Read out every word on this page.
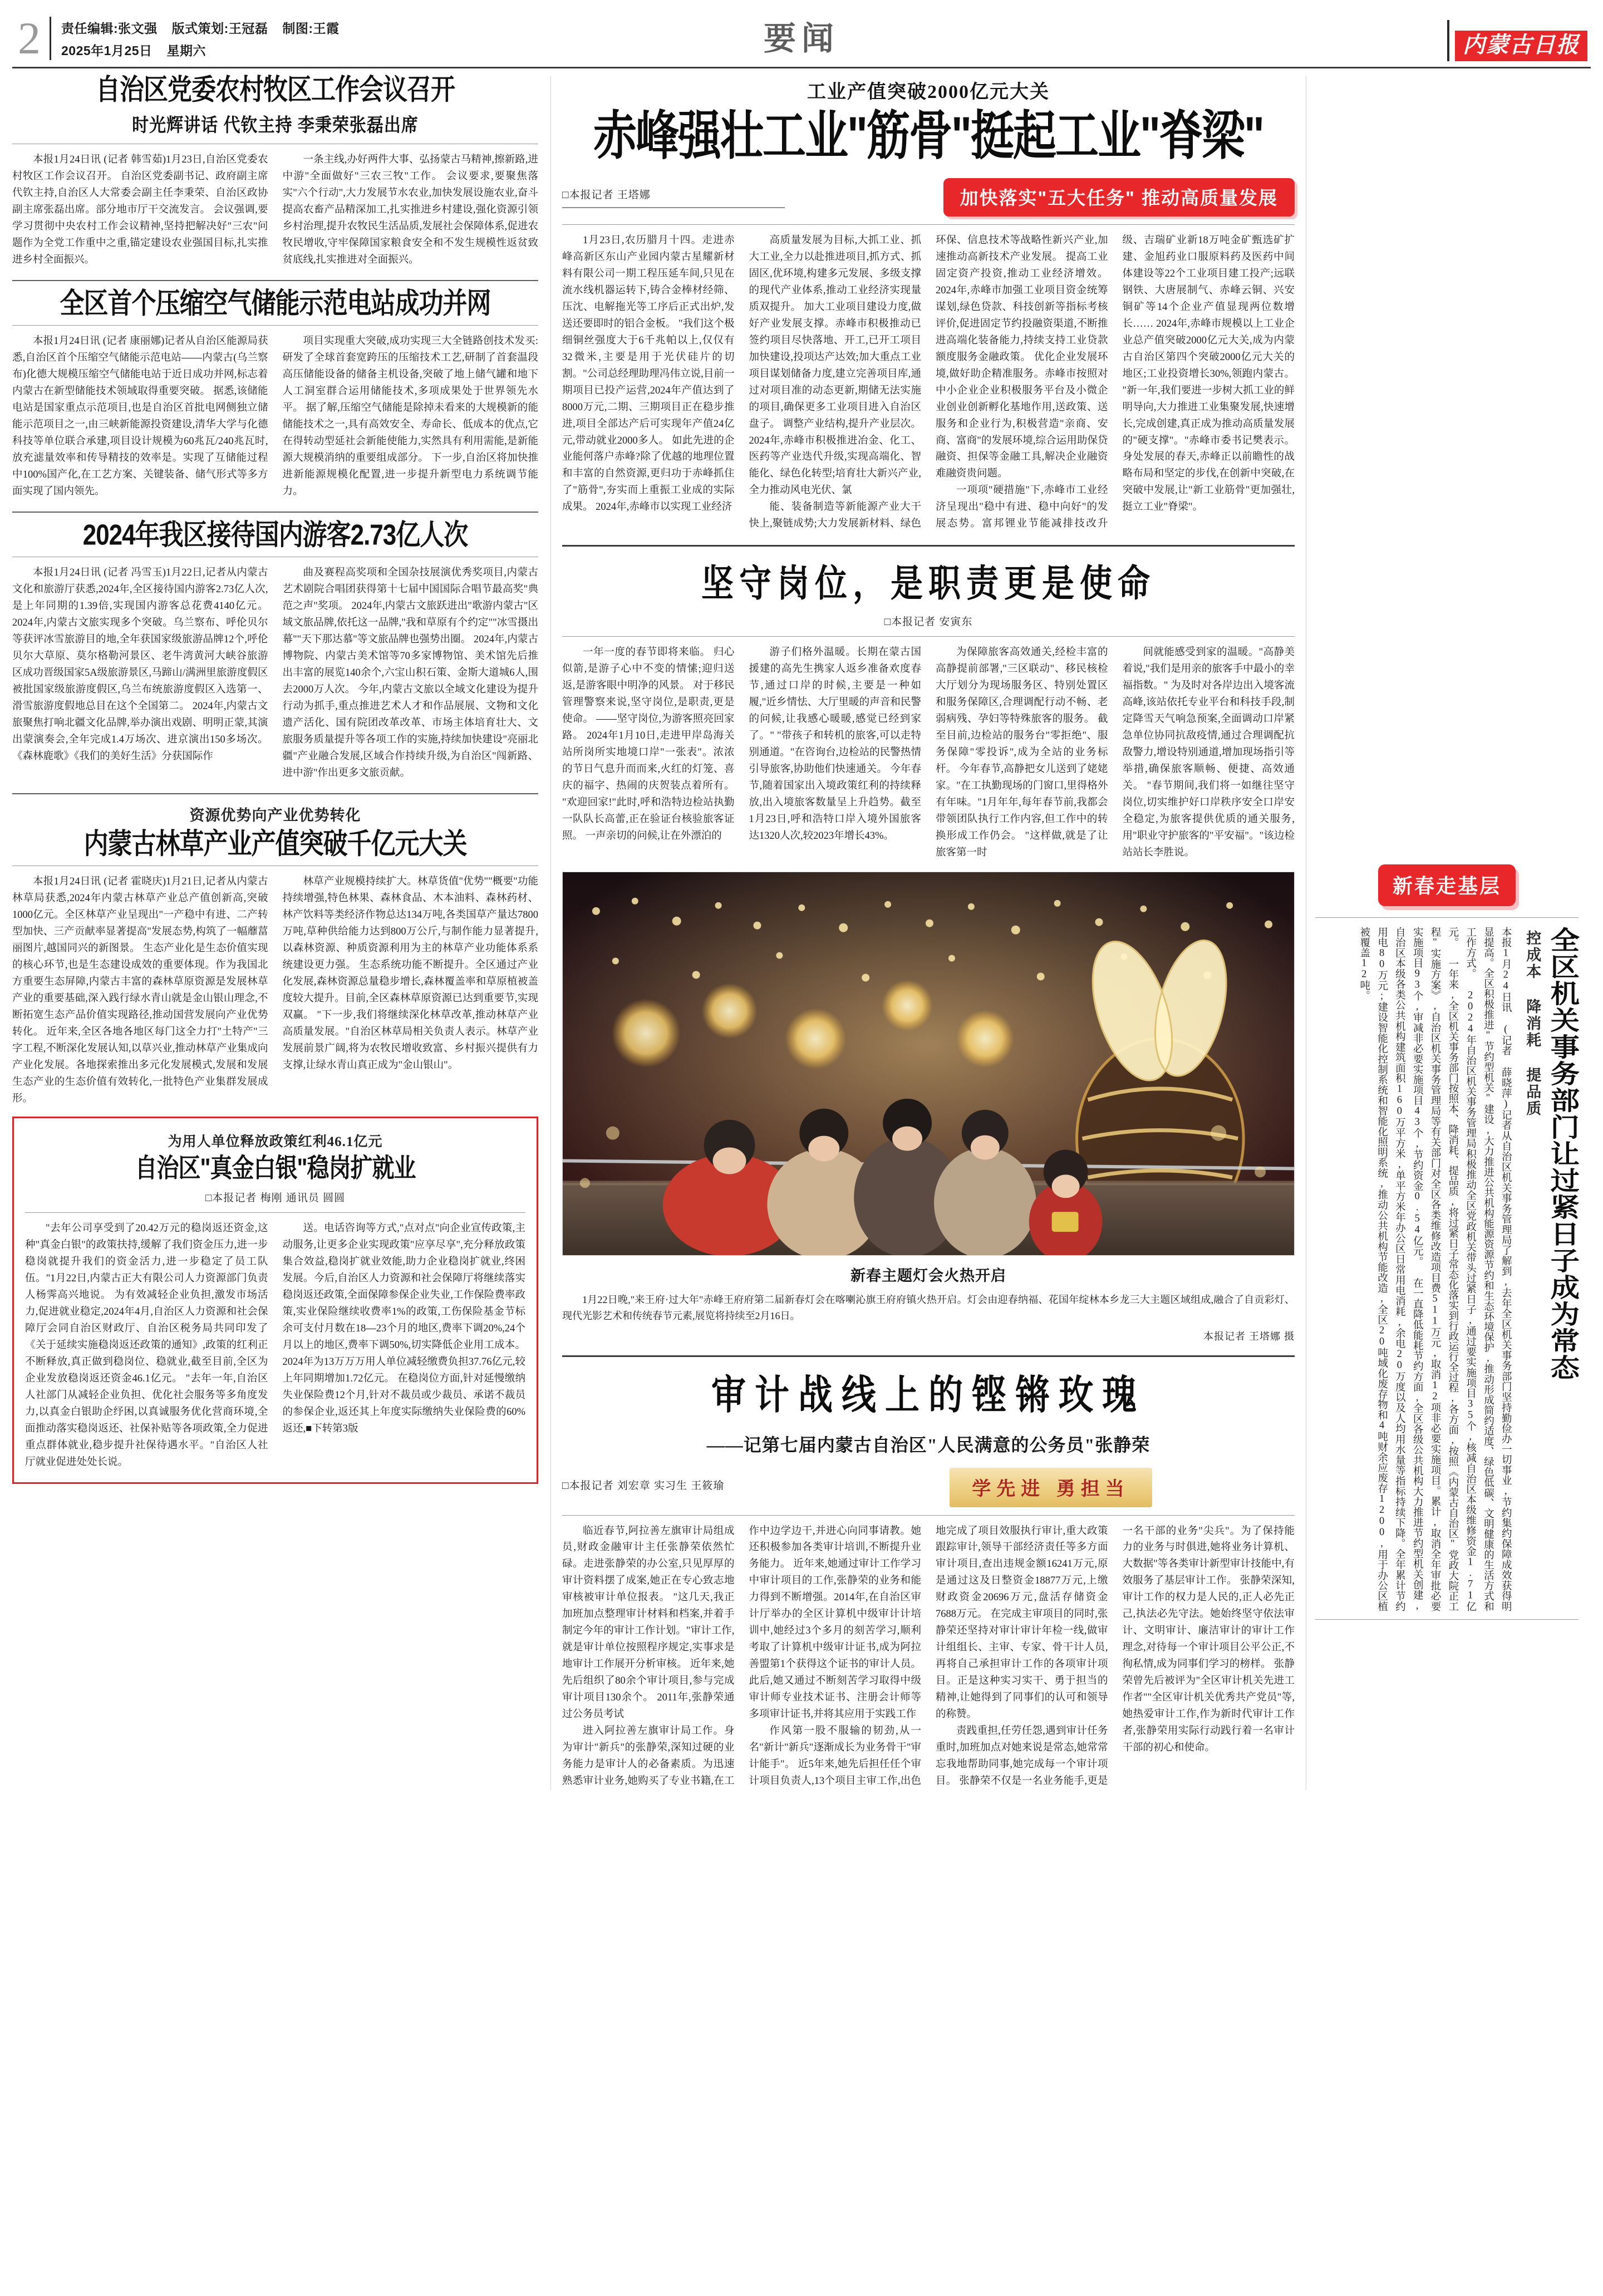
2 责任编辑:张文强 版式策划:王冠磊 制图:王霞
2025年1月25日 星期六	要闻	内蒙古日报
自治区党委农村牧区工作会议召开
时光辉讲话 代钦主持 李秉荣张磊出席

本报1月24日讯 (记者 韩雪茹)1月23日,自治区党委农村牧区工作会议召开。 自治区党委副书记、政府副主席代钦主持,自治区人大常委会副主任李秉荣、自治区政协副主席张磊出席。部分地市厅干交流发言。 会议强调,要学习贯彻中央农村工作会议精神,坚持把解决好"三农"问题作为全党工作重中之重,锚定建设农业强国目标,扎实推进乡村全面振兴。

一条主线,办好两件大事、弘扬蒙古马精神,擦新路,进中游"全面做好"三农三牧"工作。 会议要求,要聚焦落实"六个行动",大力发展节水农业,加快发展设施农业,奋斗提高农畜产品精深加工,扎实推进乡村建设,强化资源引领乡村治理,提升农牧民生活品质,发展社会保障体系,促进农牧民增收,守牢保障国家粮食安全和不发生规模性返贫致贫底线,扎实推进对全面振兴。

全区首个压缩空气储能示范电站成功并网

本报1月24日讯 (记者 康丽娜)记者从自治区能源局获悉,自治区首个压缩空气储能示范电站——内蒙古(乌兰察布)化德大规模压缩空气储能电站于近日成功并网,标志着内蒙古在新型储能技术领域取得重要突破。 据悉,该储能电站是国家重点示范项目,也是自治区首批电网侧独立储能示范项目之一,由三峡新能源投资建设,清华大学与化德科技等单位联合承建,项目设计规模为60兆瓦/240兆瓦时,放充滤量效率和传导精技的效率是。实现了互储能过程中100%国产化,在工艺方案、关键装备、储气形式等多方面实现了国内领先。

项目实现重大突破,成功实现三大全链路创技术发买:研发了全球首套宽跨压的压缩技术工艺,研制了首套温段高压储能设备的储备主机设备,突破了地上储气罐和地下人工洞室群合运用储能技术,多项成果处于世界领先水平。 据了解,压缩空气储能是除掉未看来的大规模新的能储能技术之一,具有高效安全、寿命长、低成本的优点,它在得转动型延社会新能使能力,实然具有利用需能,是新能源大规模消纳的重要组成部分。 下一步,自治区将加快推进新能源规模化配置,进一步提升新型电力系统调节能力。

2024年我区接待国内游客2.73亿人次

本报1月24日讯 (记者 冯雪玉)1月22日,记者从内蒙古文化和旅游厅获悉,2024年,全区接待国内游客2.73亿人次,是上年同期的1.39倍,实现国内游客总花费4140亿元。 2024年,内蒙古文旅实现多个突破。乌兰察布、呼伦贝尔等获评冰雪旅游目的地,全年获国家级旅游品牌12个,呼伦贝尔大草原、莫尔格勒河景区、老牛湾黄河大峡谷旅游区成功晋级国家5A级旅游景区,马蹄山/满洲里旅游度假区被批国家级旅游度假区,乌兰布统旅游度假区入选第一、滑雪旅游度假地总目在这个全国第二。 2024年,内蒙古文旅聚焦打响北疆文化品牌,举办演出戏剧、明明正蒙,其演出蒙演奏会,全年完成1.4万场次、进京演出150多场次。《森林鹿歌》《我们的美好生活》分获国际作

曲及赛程高奖项和全国杂技展演优秀奖项目,内蒙古艺术剧院合唱团获得第十七届中国国际合唱节最高奖"典范之声"奖项。 2024年,内蒙古文旅跃进出"歌游内蒙古"区域文旅品牌,依托这一品牌,"我和草原有个约定""冰雪摄出幕""天下那达慕"等文旅品牌也强势出圈。 2024年,内蒙古博物院、内蒙古美术馆等70多家博物馆、美术馆先后推出丰富的展览140余个,六宝山积石策、金斯大道城6人,围去2000万人次。 今年,内蒙古文旅以全域文化建设为提升行动为抓手,重点推进艺术人才和作品展展、文物和文化遗产活化、国有院团改革改革、市场主体培育壮大、文旅服务质量提升等各项工作的实施,持续加快建设"亮丽北疆"产业融合发展,区域合作持续升级,为自治区"闯新路、进中游"作出更多文旅贡献。

资源优势向产业优势转化
内蒙古林草产业产值突破千亿元大关

本报1月24日讯 (记者 霍晓庆)1月21日,记者从内蒙古林草局获悉,2024年内蒙古林草产业总产值创新高,突破1000亿元。全区林草产业呈现出"一产稳中有进、二产转型加快、三产贡献率显著提高"发展态势,构筑了一幅蘼葍丽图片,越国同兴的新图景。 生态产业化是生态价值实现的核心环节,也是生态建设成效的重要体现。作为我国北方重要生态屏障,内蒙古丰富的森林草原资源是发展林草产业的重要基础,深入践行绿水青山就是金山银山理念,不断拓宽生态产品价值实现路径,推动国营发展向产业优势转化。 近年来,全区各地各地区每门这全力打"土特产"三字工程,不断深化发展认知,以草兴业,推动林草产业集成向产业化发展。各地探索推出多元化发展模式,发展和发展生态产业的生态价值有效转化,一批特色产业集群发展成形。

林草产业规模持续扩大。林草货值"优势""概要"功能持续增强,特色林果、森林食品、木本油料、森林药材、林产饮料等类经济作物总达134万吨,各类国草产量达7800万吨,草种供给能力达到800万公斤,与制作能力显著提升,以森林资源、种质资源利用为主的林草产业功能体系系统建设更力强。 生态系统功能不断提升。全区通过产业化发展,森林资源总量稳步增长,森林覆盖率和草原植被盖度较大提升。目前,全区森林草原资源已达到重要节,实现双赢。 "下一步,我们将继续深化林草改革,推动林草产业高质量发展。"自治区林草局相关负责人表示。林草产业发展前景广阔,将为农牧民增收致富、乡村振兴提供有力支撑,让绿水青山真正成为"金山银山"。

为用人单位释放政策红利46.1亿元
自治区"真金白银"稳岗扩就业
□本报记者 梅刚 通讯员 圆圆

"去年公司享受到了20.42万元的稳岗返还资金,这种"真金白银"的政策扶持,缓解了我们资金压力,进一步稳岗就提升我们的资金活力,进一步稳定了员工队伍。"1月22日,内蒙古正大有限公司人力资源部门负责人杨霁高兴地说。 为有效减轻企业负担,激发市场活力,促进就业稳定,2024年4月,自治区人力资源和社会保障厅会同自治区财政厅、自治区税务局共同印发了《关于延续实施稳岗返还政策的通知》,政策的红利正不断释放,真正做到稳岗位、稳就业,截至目前,全区为企业发放稳岗返还资金46.1亿元。 "去年一年,自治区人社部门从减轻企业负担、优化社会服务等多角度发力,以真金白银助企纾困,以真诚服务优化营商环境,全面推动落实稳岗返还、社保补贴等各项政策,全力促进重点群体就业,稳步提升社保待遇水平。"自治区人社厅就业促进处处长说。

送。电话咨询等方式,"点对点"向企业宣传政策,主动服务,让更多企业实现政策"应享尽享",充分释放政策集合效益,稳岗扩就业效能,助力企业稳岗扩就业,终困发展。今后,自治区人力资源和社会保障厅将继续落实稳岗返还政策,全面保障参保企业失业,工作保险费率政策,实业保险继续收费率1%的政策,工伤保险基金节标余可支付月数在18—23个月的地区,费率下调20%,24个月以上的地区,费率下调50%,切实降低企业用工成本。2024年为13万万万用人单位减轻缴费负担37.76亿元,较上年同期增加1.72亿元。 在稳岗位方面,针对延慢缴纳失业保险费12个月,针对不裁员或少裁员、承诺不裁员的参保企业,返还其上年度实际缴纳失业保险费的60%返还,■下转第3版

工业产值突破2000亿元大关
赤峰强壮工业"筋骨"挺起工业"脊梁"
□本报记者 王塔娜	加快落实"五大任务" 推动高质量发展

1月23日,农历腊月十四。走进赤峰高新区东山产业园内蒙古星耀新材料有限公司一期工程压延车间,只见在流水线机器运转下,铸合金棒材经筛、压沈、电解拖光等工序后正式出炉,发送还要即时的铝合金板。 "我们这个极细铜丝强度大于6千兆帕以上,仅仅有32微米,主要是用于光伏硅片的切割。"公司总经理助理冯伟立说,目前一期项目已投产运营,2024年产值达到了8000万元,二期、三期项目正在稳步推进,项目全部达产后可实现年产值24亿元,带动就业2000多人。 如此先进的企业能何落户赤峰?除了优越的地理位置和丰富的自然资源,更归功于赤峰抓住了"筋骨",夯实而上重振工业成的实际成果。 2024年,赤峰市以实现工业经济

高质量发展为目标,大抓工业、抓大工业,全力以赴推进项目,抓方式、抓固区,优环境,构建多元发展、多级支撑的现代产业体系,推动工业经济实现量质双提升。 加大工业项目建设力度,做好产业发展支撑。赤峰市积极推动已签约项目尽快落地、开工,已开工项目加快建设,投项达产达效;加大重点工业项目谋划储备力度,建立完善项目库,通过对项目准的动态更新,期储无法实施的项目,确保更多工业项目进入自治区盘子。 调整产业结构,提升产业层次。2024年,赤峰市积极推进冶金、化工、医药等产业迭代升级,实现高端化、智能化、绿色化转型;培育壮大新兴产业,全力推动风电光伏、氯

能、装备制造等新能源产业大干快上,聚链成势;大力发展新材料、绿色环保、信息技术等战略性新兴产业,加速推动高新技术产业发展。 提高工业固定资产投资,推动工业经济增效。2024年,赤峰市加强工业项目资金统筹谋划,绿色贷款、科技创新等指标考核评价,促进固定节约投融资渠道,不断推进高端化装备能力,持续支持工业贷款额度服务金融政策。 优化企业发展环境,做好助企精准服务。赤峰市按照对中小企业企业积极服务平台及小微企业创业创新孵化基地作用,送政策、送服务和企业行为,积极营造"亲商、安商、富商"的发展环境,综合运用助保贷融资、担保等金融工具,解决企业融资难融资贵问题。

一项项"硬措施"下,赤峰市工业经济呈现出"稳中有进、稳中向好"的发展态势。富邦锂业节能减排技改升级、吉瑞矿业新18万吨金矿甄选矿扩建、金旭药业口服原料药及医药中间体建设等22个工业项目建工投产;远联钢铁、大唐展制气、赤峰云铜、兴安铜矿等14个企业产值显现两位数增长…… 2024年,赤峰市规模以上工业企业总产值突破2000亿元大关,成为内蒙古自治区第四个突破2000亿元大关的地区;工业投资增长30%,领跑内蒙古。 "新一年,我们要进一步树大抓工业的鲜明导向,大力推进工业集聚发展,快速增长,完成创建,真正成为推动高质量发展的"硬支撑"。"赤峰市委书记樊表示。 身处发展的春天,赤峰正以前瞻性的战略布局和坚定的步伐,在创新中突破,在突破中发展,让"新工业筋骨"更加强壮,挺立工业"脊梁"。

坚守岗位，是职责更是使命
□本报记者 安寅东

一年一度的春节即将来临。 归心似箭,是游子心中不变的情愫;迎归送返,是游客眼中明净的风景。 对于移民管理警察来说,坚守岗位,是职责,更是使命。 ——坚守岗位,为游客照亮回家路。 2024年1月10日,走进甲岸岛海关站所岗所实地境口岸"一张表"。浓浓的节日气息升而而来,火红的灯笼、喜庆的福字、热闹的庆贺装点着所有。 "欢迎回家!"此时,呼和浩特边检站执勤一队队长高蕾,正在验证台核验旅客证照。 一声亲切的问候,让在外漂泊的

游子们格外温暖。长期在蒙古国援建的高先生携家人返乡准备欢度春节,通过口岸的时候,主要是一种如履,"近乡情怯、大厅里暖的声音和民警的问候,让我感心暖暖,感觉已经到家了。" "带孩子和转机的旅客,可以走特别通道。"在咨询台,边检站的民警热情引导旅客,协助他们快速通关。 今年春节,随着国家出入境政策红利的持续释放,出入境旅客数量呈上升趋势。截至1月23日,呼和浩特口岸入境外国旅客达1320人次,较2023年增长43%。

为保障旅客高效通关,经检丰富的高静提前部署,"三区联动"、移民核检大厅划分为现场服务区、特别处置区和服务保障区,合理调配行动不畅、老弱病残、孕妇等特殊旅客的服务。 截至目前,边检站的服务台"零拒绝"、服务保障"零投诉",成为全站的业务标杆。 今年春节,高静把女儿送到了姥姥家。"在工执勤现场的门窗口,里得格外有年味。"1月年年,每年春节前,我都会带领团队执行工作内容,但工作中的转换形成工作仍会。 "这样做,就是了让旅客第一时

间就能感受到家的温暖。"高静美着说,"我们是用亲的旅客手中最小的幸福指数。" 为及时对各岸边出入境客流高峰,该站依托专业平台和科技手段,制定降雪天气响急预案,全面调动口岸紧急单位协同抗敌疫情,通过合理调配抗敌警力,增设特别通道,增加现场指引等举措,确保旅客顺畅、便捷、高效通关。 "春节期间,我们将一如继往坚守岗位,切实维护好口岸秩序安全口岸安全稳定,为旅客提供优质的通关服务,用"职业守护旅客的"平安福"。"该边检站站长李胜说。

新春主题灯会火热开启
1月22日晚,"来王府·过大年"赤峰王府府第二届新春灯会在喀喇沁旗王府府镇火热开启。灯会由迎春纳福、花国年绽林本乡龙三大主题区域组成,融合了自贡彩灯、现代光影艺术和传统春节元素,展览将持续至2月16日。
本报记者 王塔娜 摄
审计战线上的铿锵玫瑰
——记第七届内蒙古自治区"人民满意的公务员"张静荣
□本报记者 刘宏章 实习生 王筱瑜	学先进 勇担当

临近春节,阿拉善左旗审计局组成员,财政金融审计主任张静荣依然忙碌。走进张静荣的办公室,只见厚厚的审计资料摆了成案,她正在专心致志地审核被审计单位报表。 "这几天,我正加班加点整理审计材料和档案,并着手制定今年的审计工作计划。"审计工作,就是审计单位按照程序规定,实事求是地审计工作展开分析审核。 近年来,她先后组织了80余个审计项目,参与完成审计项目130余个。 2011年,张静荣通过公务员考试

进入阿拉善左旗审计局工作。身为审计"新兵"的张静荣,深知过硬的业务能力是审计人的必备素质。为迅速熟悉审计业务,她购买了专业书籍,在工作中边学边干,并进心向同事请教。她还积极参加各类审计培训,不断提升业务能力。 近年来,她通过审计工作学习中审计项目的工作,张静荣的业务和能力得到不断增强。2014年,在自治区审计厅举办的全区计算机中级审计计培训中,她经过3个多月的刻苦学习,顺利考取了计算机中级审计证书,成为阿拉善盟第1个获得这个证书的审计人员。 此后,她又通过不断刻苦学习取得中级审计师专业技术证书、注册会计师等多项审计证书,并将其应用于实践工作

作风第一股不服输的韧劲,从一名"新计"新兵"逐渐成长为业务骨干"审计能手"。 近5年来,她先后担任任个审计项目负责人,13个项目主审工作,出色地完成了项目效服执行审计,重大政策跟踪审计,领导干部经济责任等多方面审计项目,查出违规金额16241万元,原是通过这及日整资金18877万元,上缴财政资金20696万元,盘活存储资金7688万元。 在完成主审项目的同时,张静荣还坚持对审计审计年检一线,做审计组组长、主审、专家、骨干计人员,再将自己承担审计工作的各项审计项目。正是这种实习实干、勇于担当的精神,让她得到了同事们的认可和领导的称赞。

责践重担,任劳任怨,遇到审计任务重时,加班加点对她来说是常态,她常常忘我地帮助同事,她完成每一个审计项目。 张静荣不仅是一名业务能手,更是一名干部的业务"尖兵"。为了保持能力的业务与时俱进,她将业务计算机、大数据"等各类审计新型审计技能中,有效服务了基层审计工作。 张静荣深知,审计工作的权力是人民的,正人必先正己,执法必先守法。她始终坚守依法审计、文明审计、廉洁审计的审计工作理念,对待每一个审计项目公平公正,不徇私情,成为同事们学习的榜样。 张静荣曾先后被评为"全区审计机关先进工作者""全区审计机关优秀共产党员"等,她热爱审计工作,作为新时代审计工作者,张静荣用实际行动践行着一名审计干部的初心和使命。

新春走基层
全区机关事务部门让过紧日子成为常态
控成本 降消耗 提品质
本报1月24日讯 (记者 薛晓萍)记者从自治区机关事务管理局了解到,去年全区机关事务部门坚持勤俭办一切事业,节约集约保障成效获得明显提高。全区积极推进"节约型机关"建设,大力推进公共机构能源资源节约和生态环境保护,推动形成简约适度、绿色低碳、文明健康的生活方式和工作方式。 2024年自治区机关事务管理局积极推动全区党政机关带头过紧日子,通过要实施项目35个,核减自治区本级维修资金1.71亿元。 一年来,全区机关事务部门按照本、降消耗、提品质,将过紧日子常态化落实到行政运行全过程,各方面,按照《内蒙古自治区"党政大院正工程"实施方案》,自治区机关事务管理局等有关部门对全区各类维修改造项目费511万元,取消12项非必要实施项目。累计,取消全年审批必要实施项目93个,审减非必要实施项目43个,节约资金0.54亿元。 在一直降低能耗节约方面,全区各级公共机构大力推进节约型机关创建,自治区本级各类公共机构建筑面积160万平方米,单平方米年办公区日常用电消耗,余电20万度以及人均用水量等指标持续下降。全年累计节约用电80万元;建设智能化控制系统和智能化照明系统,推动公共机构节能改造,全区20吨域化废存物和4吨财余应废存1200,用于办公区植被覆盖12吨。
